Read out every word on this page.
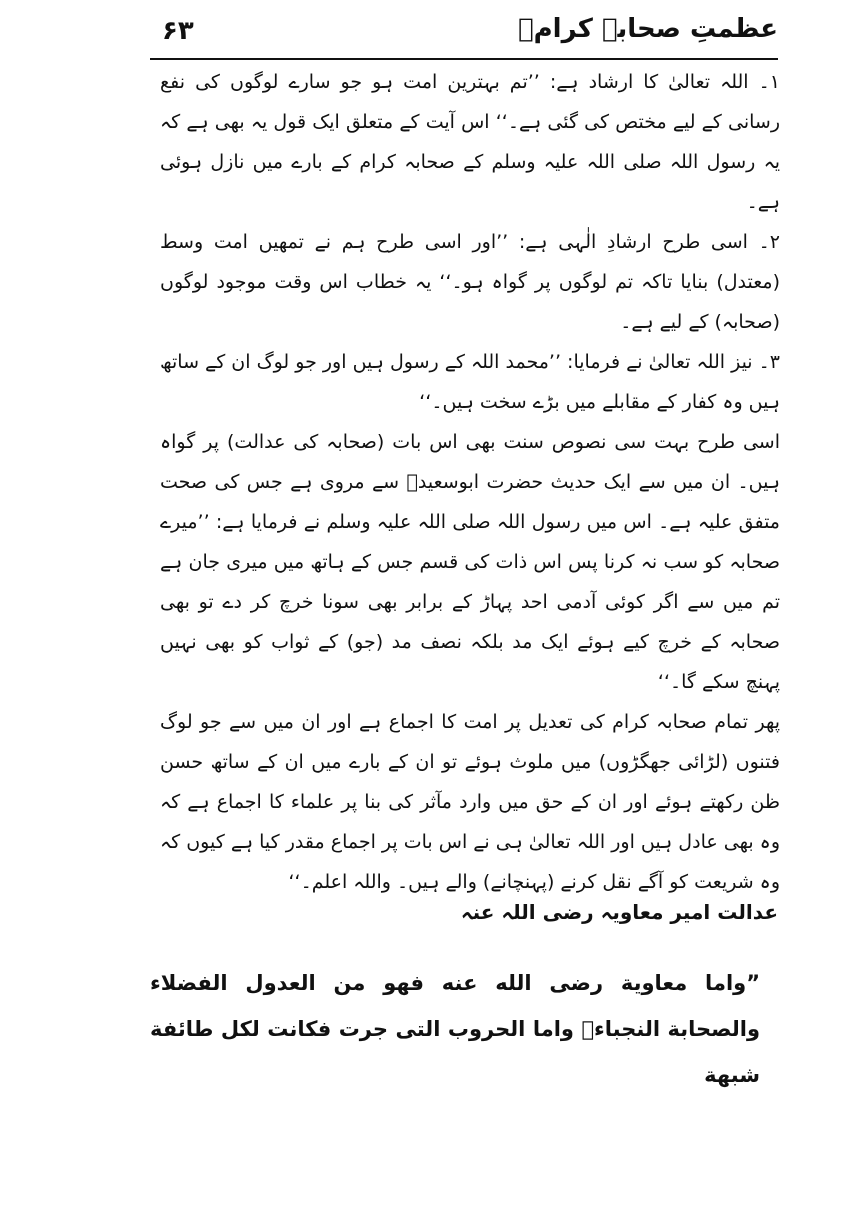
عظمتِ صحابہ کرامؓ
۶۳

۱۔ اللہ تعالیٰ کا ارشاد ہے: ’’تم بہترین امت ہو جو سارے لوگوں کی نفع رسانی کے لیے مختص کی گئی ہے۔‘‘ اس آیت کے متعلق ایک قول یہ بھی ہے کہ یہ رسول اللہ صلی اللہ علیہ وسلم کے صحابہ کرام کے بارے میں نازل ہوئی ہے۔

۲۔ اسی طرح ارشادِ الٰہی ہے: ’’اور اسی طرح ہم نے تمھیں امت وسط (معتدل) بنایا تاکہ تم لوگوں پر گواہ ہو۔‘‘ یہ خطاب اس وقت موجود لوگوں (صحابہ) کے لیے ہے۔

۳۔ نیز اللہ تعالیٰ نے فرمایا: ’’محمد اللہ کے رسول ہیں اور جو لوگ ان کے ساتھ ہیں وہ کفار کے مقابلے میں بڑے سخت ہیں۔‘‘

اسی طرح بہت سی نصوص سنت بھی اس بات (صحابہ کی عدالت) پر گواہ ہیں۔ ان میں سے ایک حدیث حضرت ابوسعیدؓ سے مروی ہے جس کی صحت متفق علیہ ہے۔ اس میں رسول اللہ صلی اللہ علیہ وسلم نے فرمایا ہے: ’’میرے صحابہ کو سب نہ کرنا پس اس ذات کی قسم جس کے ہاتھ میں میری جان ہے تم میں سے اگر کوئی آدمی احد پہاڑ کے برابر بھی سونا خرچ کر دے تو بھی صحابہ کے خرچ کیے ہوئے ایک مد بلکہ نصف مد (جو) کے ثواب کو بھی نہیں پہنچ سکے گا۔‘‘

پھر تمام صحابہ کرام کی تعدیل پر امت کا اجماع ہے اور ان میں سے جو لوگ فتنوں (لڑائی جھگڑوں) میں ملوث ہوئے تو ان کے بارے میں ان کے ساتھ حسن ظن رکھتے ہوئے اور ان کے حق میں وارد مآثر کی بنا پر علماء کا اجماع ہے کہ وہ بھی عادل ہیں اور اللہ تعالیٰ ہی نے اس بات پر اجماع مقدر کیا ہے کیوں کہ وہ شریعت کو آگے نقل کرنے (پہنچانے) والے ہیں۔ واللہ اعلم۔‘‘

عدالت امیر معاویہ رضی اللہ عنہ

”واما معاوية رضى الله عنه فهو من العدول الفضلاء والصحابة النجباءؓ واما الحروب التى جرت فكانت لكل طائفة شبهة
